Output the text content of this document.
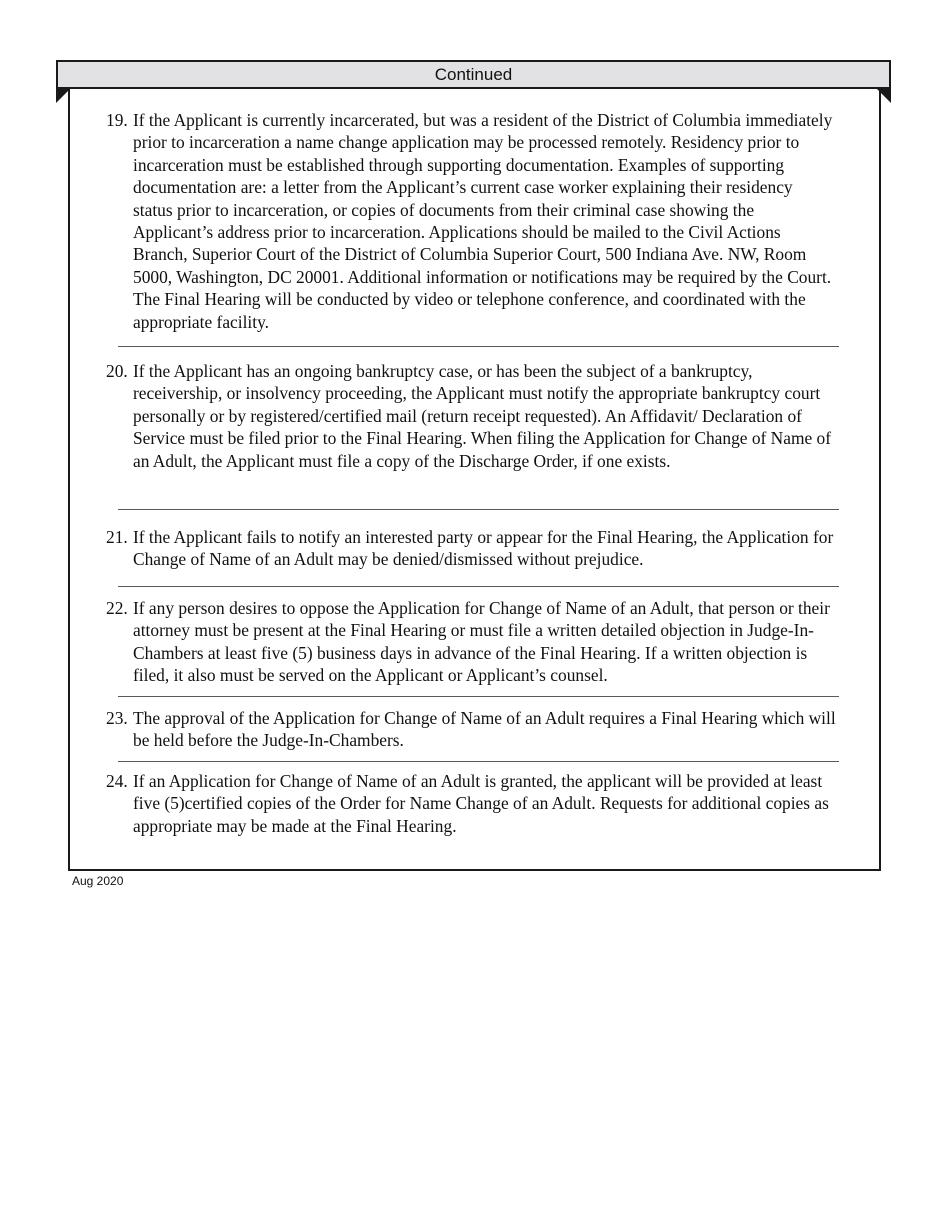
Continued
19. If the Applicant is currently incarcerated, but was a resident of the District of Columbia immediately prior to incarceration a name change application may be processed remotely. Residency prior to incarceration must be established through supporting documentation. Examples of supporting documentation are: a letter from the Applicant’s current case worker explaining their residency status prior to incarceration, or copies of documents from their criminal case showing the Applicant’s address prior to incarceration. Applications should be mailed to the Civil Actions Branch, Superior Court of the District of Columbia Superior Court, 500 Indiana Ave. NW, Room 5000, Washington, DC 20001. Additional information or notifications may be required by the Court. The Final Hearing will be conducted by video or telephone conference, and coordinated with the appropriate facility.
20. If the Applicant has an ongoing bankruptcy case, or has been the subject of a bankruptcy, receivership, or insolvency proceeding, the Applicant must notify the appropriate bankruptcy court personally or by registered/certified mail (return receipt requested). An Affidavit/ Declaration of Service must be filed prior to the Final Hearing. When filing the Application for Change of Name of an Adult, the Applicant must file a copy of the Discharge Order, if one exists.
21. If the Applicant fails to notify an interested party or appear for the Final Hearing, the Application for Change of Name of an Adult may be denied/dismissed without prejudice.
22. If any person desires to oppose the Application for Change of Name of an Adult, that person or their attorney must be present at the Final Hearing or must file a written detailed objection in Judge-In-Chambers at least five (5) business days in advance of the Final Hearing. If a written objection is filed, it also must be served on the Applicant or Applicant’s counsel.
23. The approval of the Application for Change of Name of an Adult requires a Final Hearing which will be held before the Judge-In-Chambers.
24. If an Application for Change of Name of an Adult is granted, the applicant will be provided at least five (5)certified copies of the Order for Name Change of an Adult. Requests for additional copies as appropriate may be made at the Final Hearing.
Aug 2020
